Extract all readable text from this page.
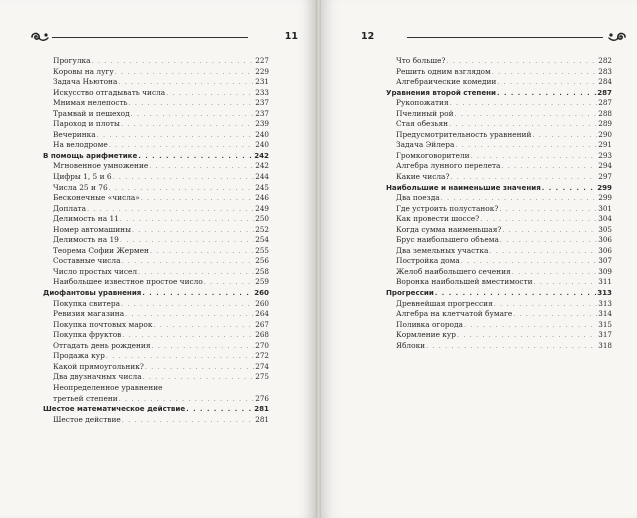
11
Прогулка . . .	227
Коровы на лугу . . .	229
Задача Ньютона . . .	231
Искусство отгадывать числа . . .	233
Мнимая нелепость . . .	237
Трамвай и пешеход . . .	237
Пароход и плоты . . .	239
Вечеринка . . .	240
На велодроме . . .	240
В помощь арифметике . . .	242
Мгновенное умножение . . .	242
Цифры 1, 5 и 6 . . .	244
Числа 25 и 76 . . .	245
Бесконечные «числа» . . .	246
Доплата . . .	249
Делимость на 11 . . .	250
Номер автомашины . . .	252
Делимость на 19 . . .	254
Теорема Софии Жермен . . .	255
Составные числа . . .	256
Число простых чисел . . .	258
Наибольшее известное простое число . . .	259
Диофантовы уравнения . . .	260
Покупка свитера . . .	260
Ревизия магазина . . .	264
Покупка почтовых марок . . .	267
Покупка фруктов . . .	268
Отгадать день рождения . . .	270
Продажа кур . . .	272
Какой прямоугольник? . . .	274
Два двузначных числа . . .	275
Неопределенное уравнение
третьей степени . . .	276
Шестое математическое действие . . .	281
Шестое действие . . .	281
12
Что больше? . . .	282
Решить одним взглядом . . .	283
Алгебраические комедии . . .	284
Уравнения второй степени . . .	287
Рукопожатия . . .	287
Пчелиный рой . . .	288
Стая обезьян . . .	289
Предусмотрительность уравнений . . .	290
Задача Эйлера . . .	291
Громкоговорители . . .	293
Алгебра лунного перелета . . .	294
Какие числа? . . .	297
Наибольшие и наименьшие значения . . .	299
Два поезда . . .	299
Где устроить полустанок? . . .	301
Как провести шоссе? . . .	304
Когда сумма наименьшая? . . .	305
Брус наибольшего объема . . .	306
Два земельных участка . . .	306
Постройка дома . . .	307
Желоб наибольшего сечения . . .	309
Воронка наибольшей вместимости . . .	311
Прогрессии . . .	313
Древнейшая прогрессия . . .	313
Алгебра на клетчатой бумаге . . .	314
Поливка огорода . . .	315
Кормление кур . . .	317
Яблоки . . .	318
